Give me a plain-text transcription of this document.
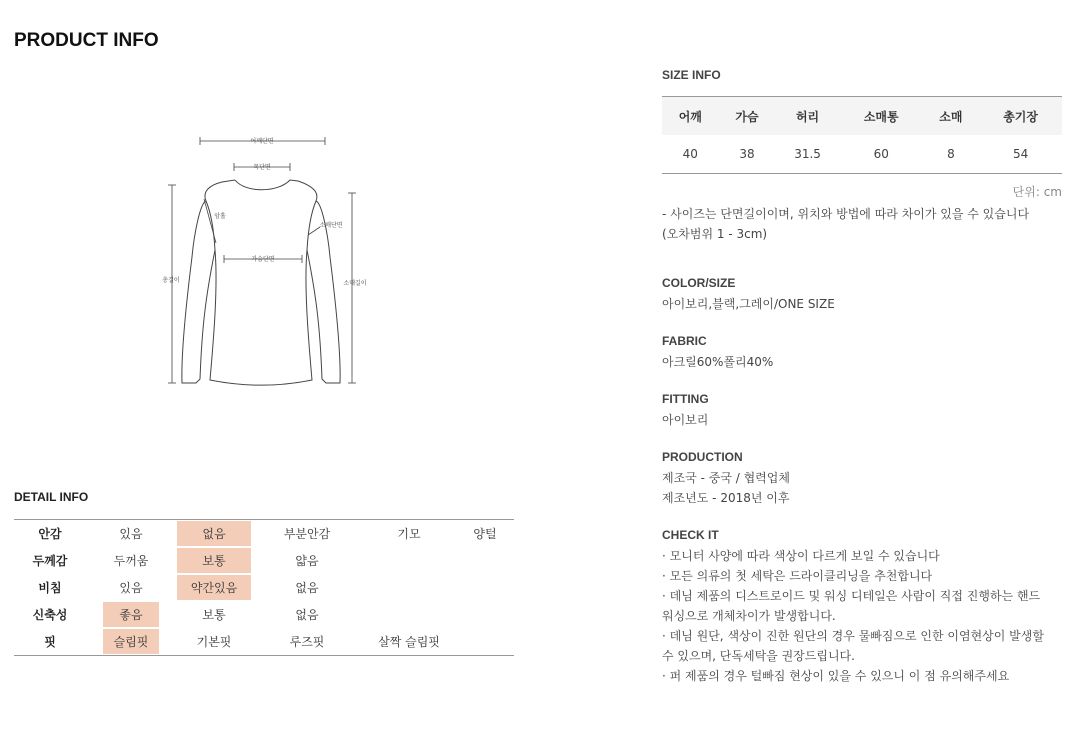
PRODUCT INFO
어깨단면
목단면
암홀
소매단면
가슴단면
총길이	소매길이
DETAIL INFO
안감	있음	없음	부분안감	기모	양털
두께감	두꺼움	보통	얇음		
비침	있음	약간있음	없음		
신축성	좋음	보통	없음		
핏	슬림핏	기본핏	루즈핏	살짝 슬림핏	

SIZE INFO

어깨	가슴	허리	소매통	소매	총기장
40	38	31.5	60	8	54
단위: cm

- 사이즈는 단면길이이며, 위치와 방법에 따라 차이가 있을 수 있습니다

(오차범위 1 - 3cm)

COLOR/SIZE

아이보리,블랙,그레이/ONE SIZE

FABRIC

아크릴60%폴리40%

FITTING

아이보리

PRODUCTION

제조국 - 중국 / 협력업체

제조년도 - 2018년 이후

CHECK IT

· 모니터 사양에 따라 색상이 다르게 보일 수 있습니다

· 모든 의류의 첫 세탁은 드라이클리닝을 추천합니다

· 데님 제품의 디스트로이드 및 워싱 디테일은 사람이 직접 진행하는 핸드

워싱으로 개체차이가 발생합니다.

· 데님 원단, 색상이 진한 원단의 경우 물빠짐으로 인한 이염현상이 발생할

수 있으며, 단독세탁을 권장드립니다.

· 퍼 제품의 경우 털빠짐 현상이 있을 수 있으니 이 점 유의해주세요
